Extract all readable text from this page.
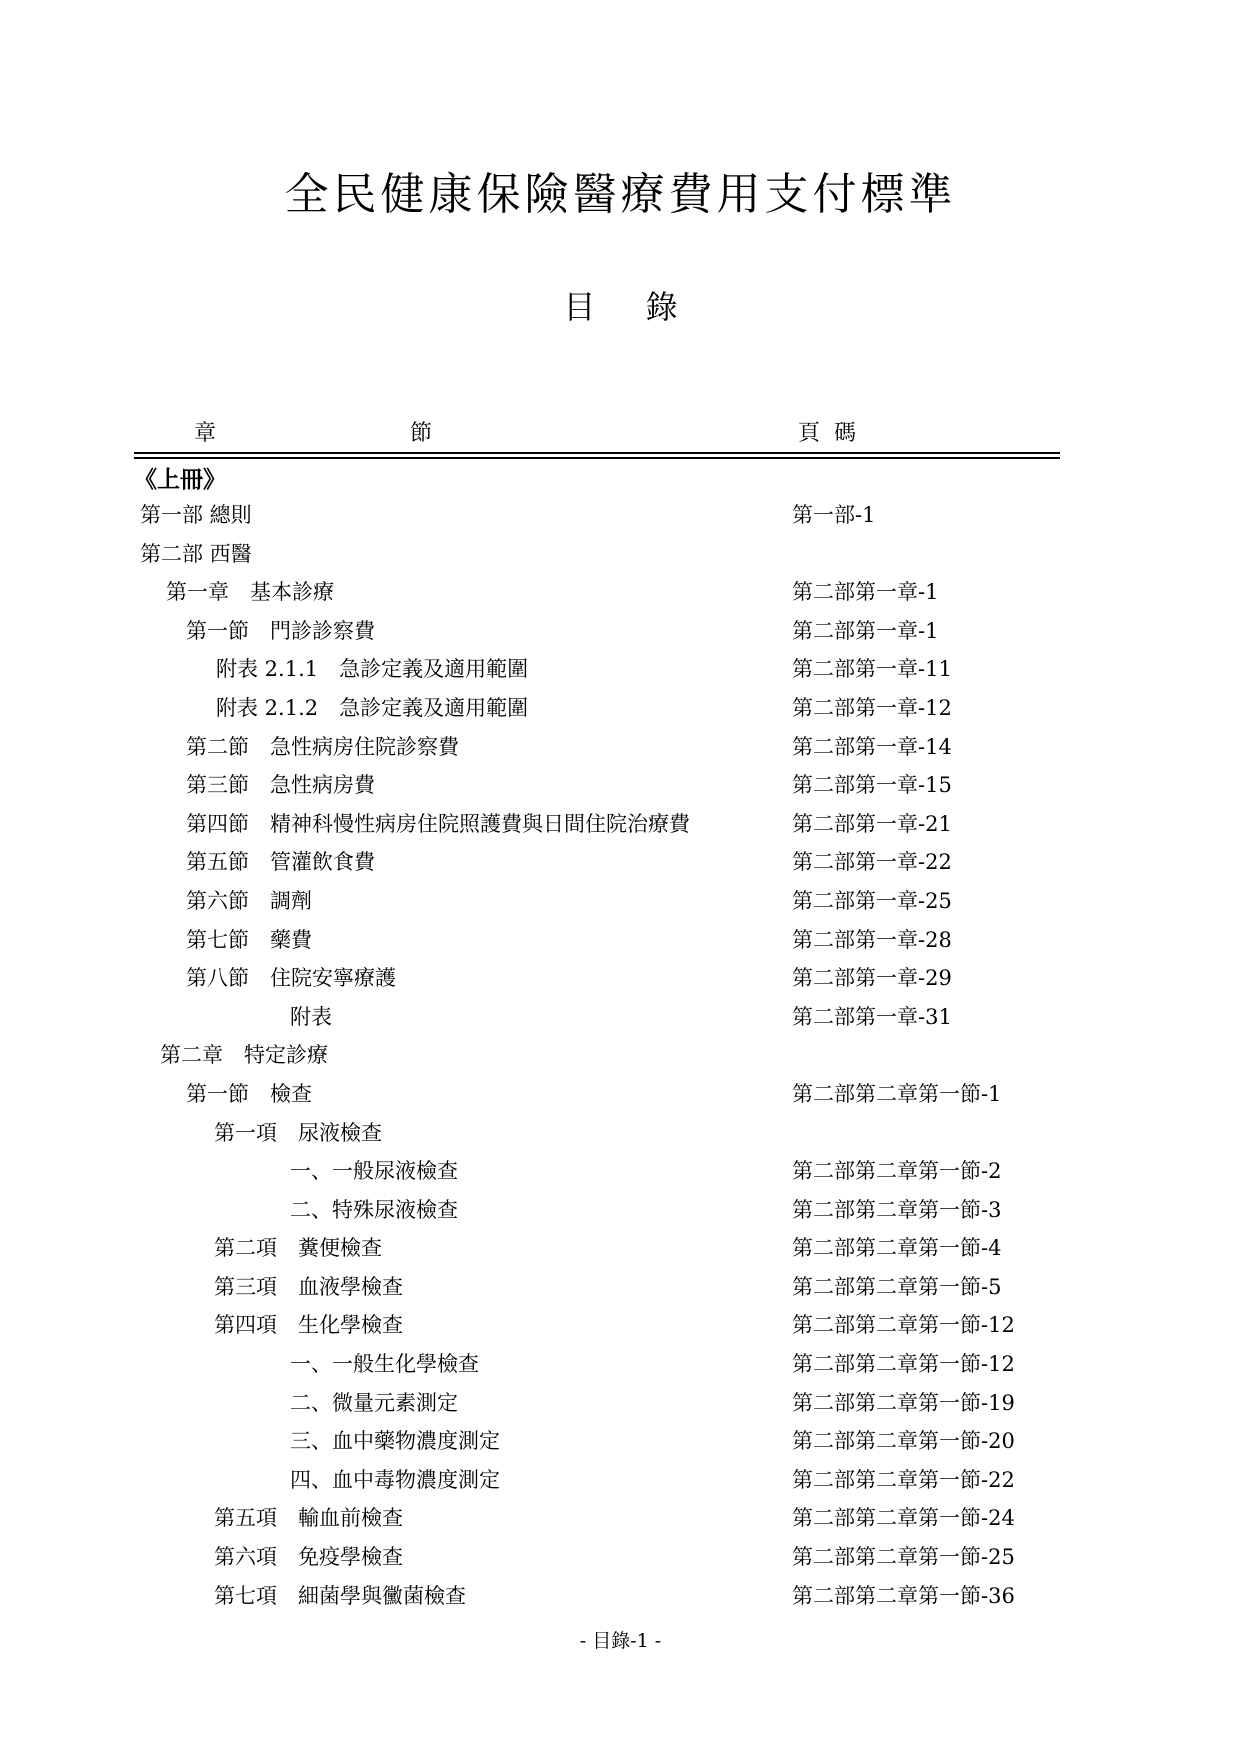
全民健康保險醫療費用支付標準
目 錄
章	節	頁碼
《上冊》
第一部 總則	第一部-1
第二部 西醫
第一章　基本診療	第二部第一章-1
第一節　門診診察費	第二部第一章-1
附表 2.1.1　急診定義及適用範圍	第二部第一章-11
附表 2.1.2　急診定義及適用範圍	第二部第一章-12
第二節　急性病房住院診察費	第二部第一章-14
第三節　急性病房費	第二部第一章-15
第四節　精神科慢性病房住院照護費與日間住院治療費	第二部第一章-21
第五節　管灌飲食費	第二部第一章-22
第六節　調劑	第二部第一章-25
第七節　藥費	第二部第一章-28
第八節　住院安寧療護	第二部第一章-29
附表	第二部第一章-31
第二章　特定診療
第一節　檢查	第二部第二章第一節-1
第一項　尿液檢查
一、一般尿液檢查	第二部第二章第一節-2
二、特殊尿液檢查	第二部第二章第一節-3
第二項　糞便檢查	第二部第二章第一節-4
第三項　血液學檢查	第二部第二章第一節-5
第四項　生化學檢查	第二部第二章第一節-12
一、一般生化學檢查	第二部第二章第一節-12
二、微量元素測定	第二部第二章第一節-19
三、血中藥物濃度測定	第二部第二章第一節-20
四、血中毒物濃度測定	第二部第二章第一節-22
第五項　輸血前檢查	第二部第二章第一節-24
第六項　免疫學檢查	第二部第二章第一節-25
第七項　細菌學與黴菌檢查	第二部第二章第一節-36
- 目錄-1 -
